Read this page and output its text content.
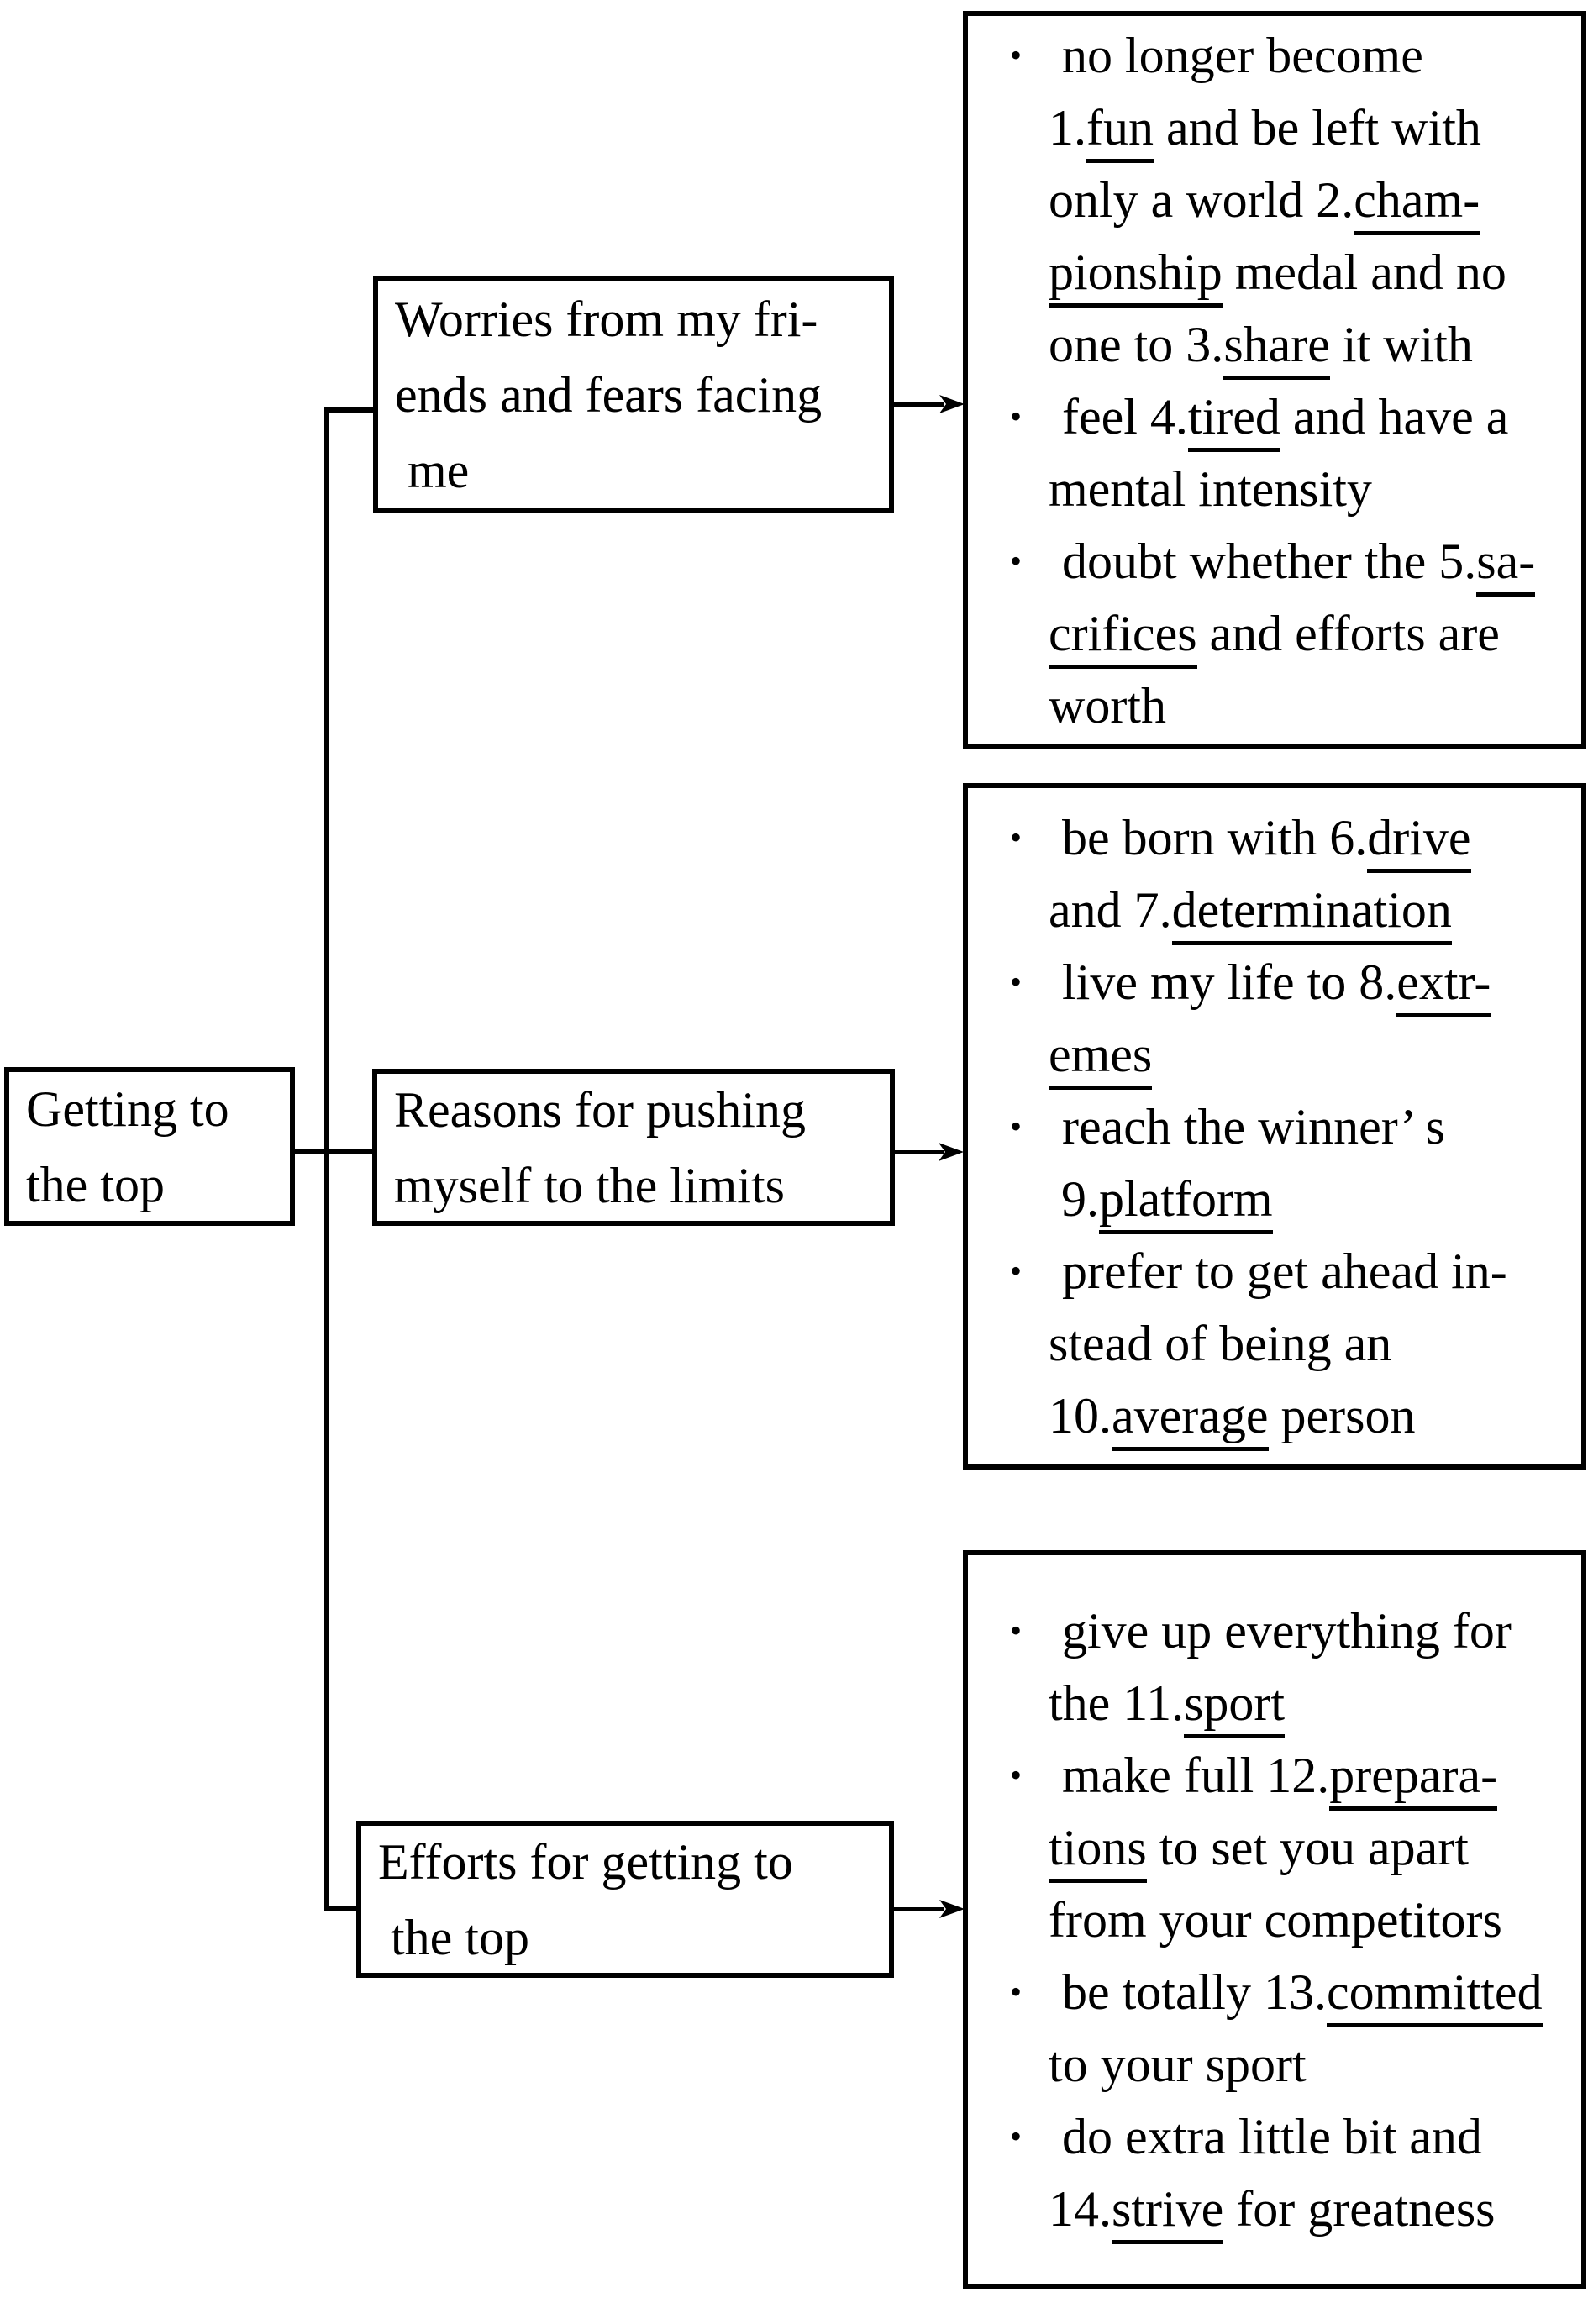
Getting to
the top
Worries from my fri-
ends and fears facing
me
Reasons for pushing
myself to the limits
Efforts for getting to
the top
• no longer become
1.fun and be left with
only a world 2.cham-
pionship medal and no
one to 3.share it with
• feel 4.tired and have a
mental intensity
• doubt whether the 5.sa-
crifices and efforts are
worth
• be born with 6.drive
and 7.determination
• live my life to 8.extr-
emes
• reach the winner’ s
9.platform
• prefer to get ahead in-
stead of being an
10.average person
• give up everything for
the 11.sport
• make full 12.prepara-
tions to set you apart
from your competitors
• be totally 13.committed
to your sport
• do extra little bit and
14.strive for greatness
